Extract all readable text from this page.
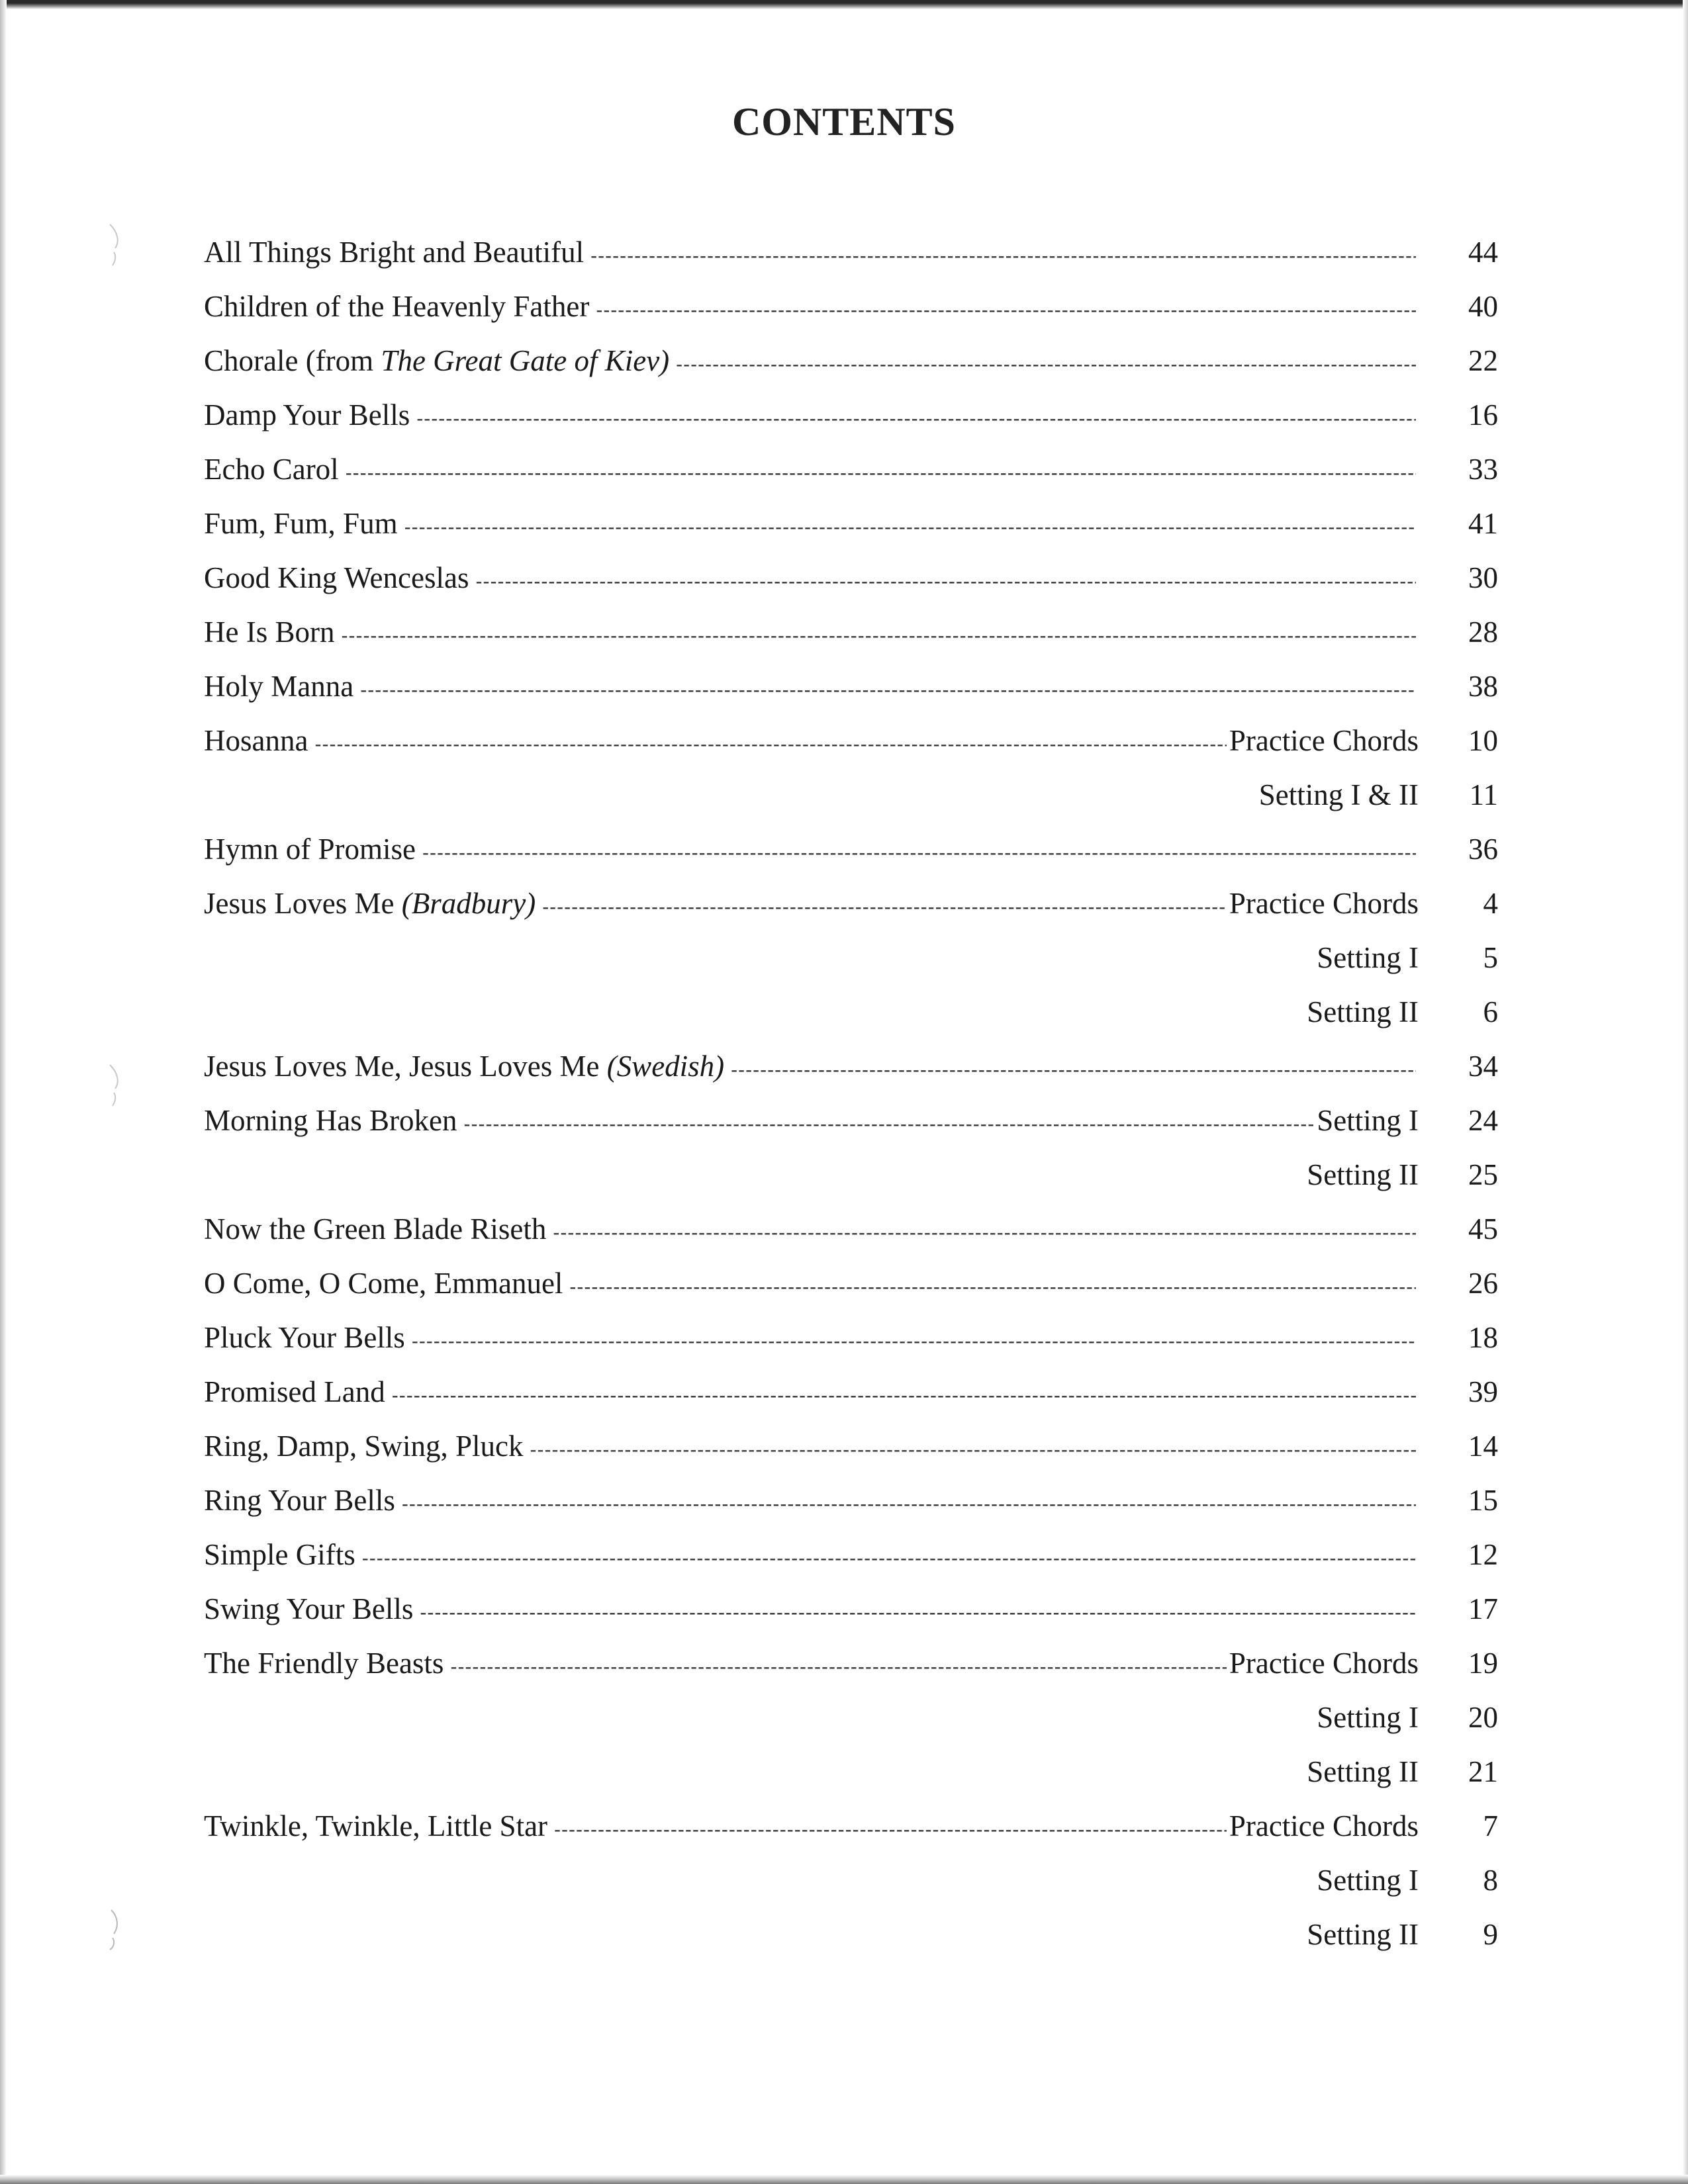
CONTENTS
All Things Bright and Beautiful -----	44
Children of the Heavenly Father -----	40
Chorale (from The Great Gate of Kiev) -----	22
Damp Your Bells -----	16
Echo Carol -----	33
Fum, Fum, Fum -----	41
Good King Wenceslas -----	30
He Is Born -----	28
Holy Manna -----	38
Hosanna -----	Practice Chords	10
Setting I & II	11
Hymn of Promise -----	36
Jesus Loves Me (Bradbury) -----	Practice Chords	4
Setting I	5
Setting II	6
Jesus Loves Me, Jesus Loves Me (Swedish) -----	34
Morning Has Broken -----	Setting I	24
Setting II	25
Now the Green Blade Riseth -----	45
O Come, O Come, Emmanuel -----	26
Pluck Your Bells -----	18
Promised Land -----	39
Ring, Damp, Swing, Pluck -----	14
Ring Your Bells -----	15
Simple Gifts -----	12
Swing Your Bells -----	17
The Friendly Beasts -----	Practice Chords	19
Setting I	20
Setting II	21
Twinkle, Twinkle, Little Star -----	Practice Chords	7
Setting I	8
Setting II	9
